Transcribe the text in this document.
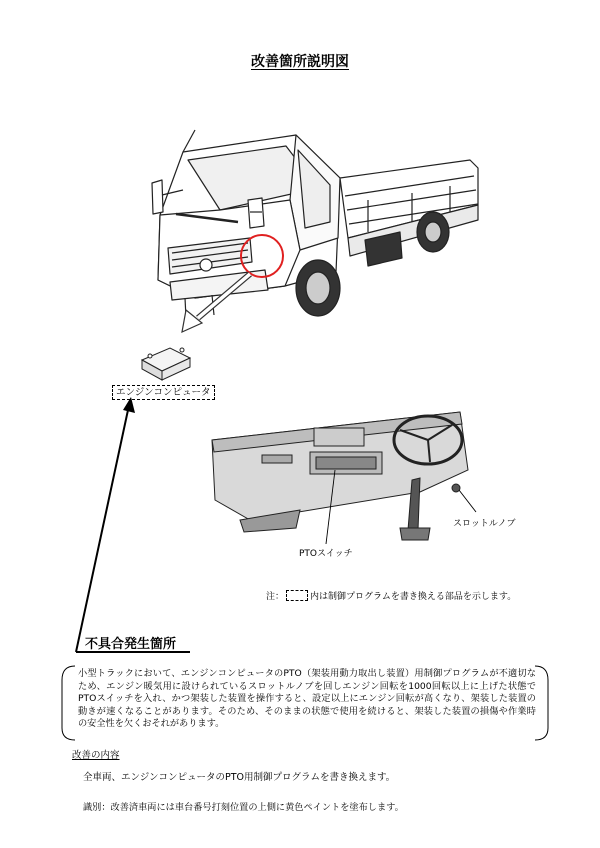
改善箇所説明図
エンジンコンピュータ
スロットルノブ
PTOスイッチ
注：	内は制御プログラムを書き換える部品を示します。
不具合発生箇所
小型トラックにおいて、エンジンコンピュータのPTO（架装用動力取出し装置）用制御プログラムが不適切なため、エンジン暖気用に設けられているスロットルノブを回しエンジン回転を1000回転以上に上げた状態でPTOスイッチを入れ、かつ架装した装置を操作すると、設定以上にエンジン回転が高くなり、架装した装置の動きが速くなることがあります。そのため、そのままの状態で使用を続けると、架装した装置の損傷や作業時の安全性を欠くおそれがあります。
改善の内容
全車両、エンジンコンピュータのPTO用制御プログラムを書き換えます。
識別：改善済車両には車台番号打刻位置の上側に黄色ペイントを塗布します。
